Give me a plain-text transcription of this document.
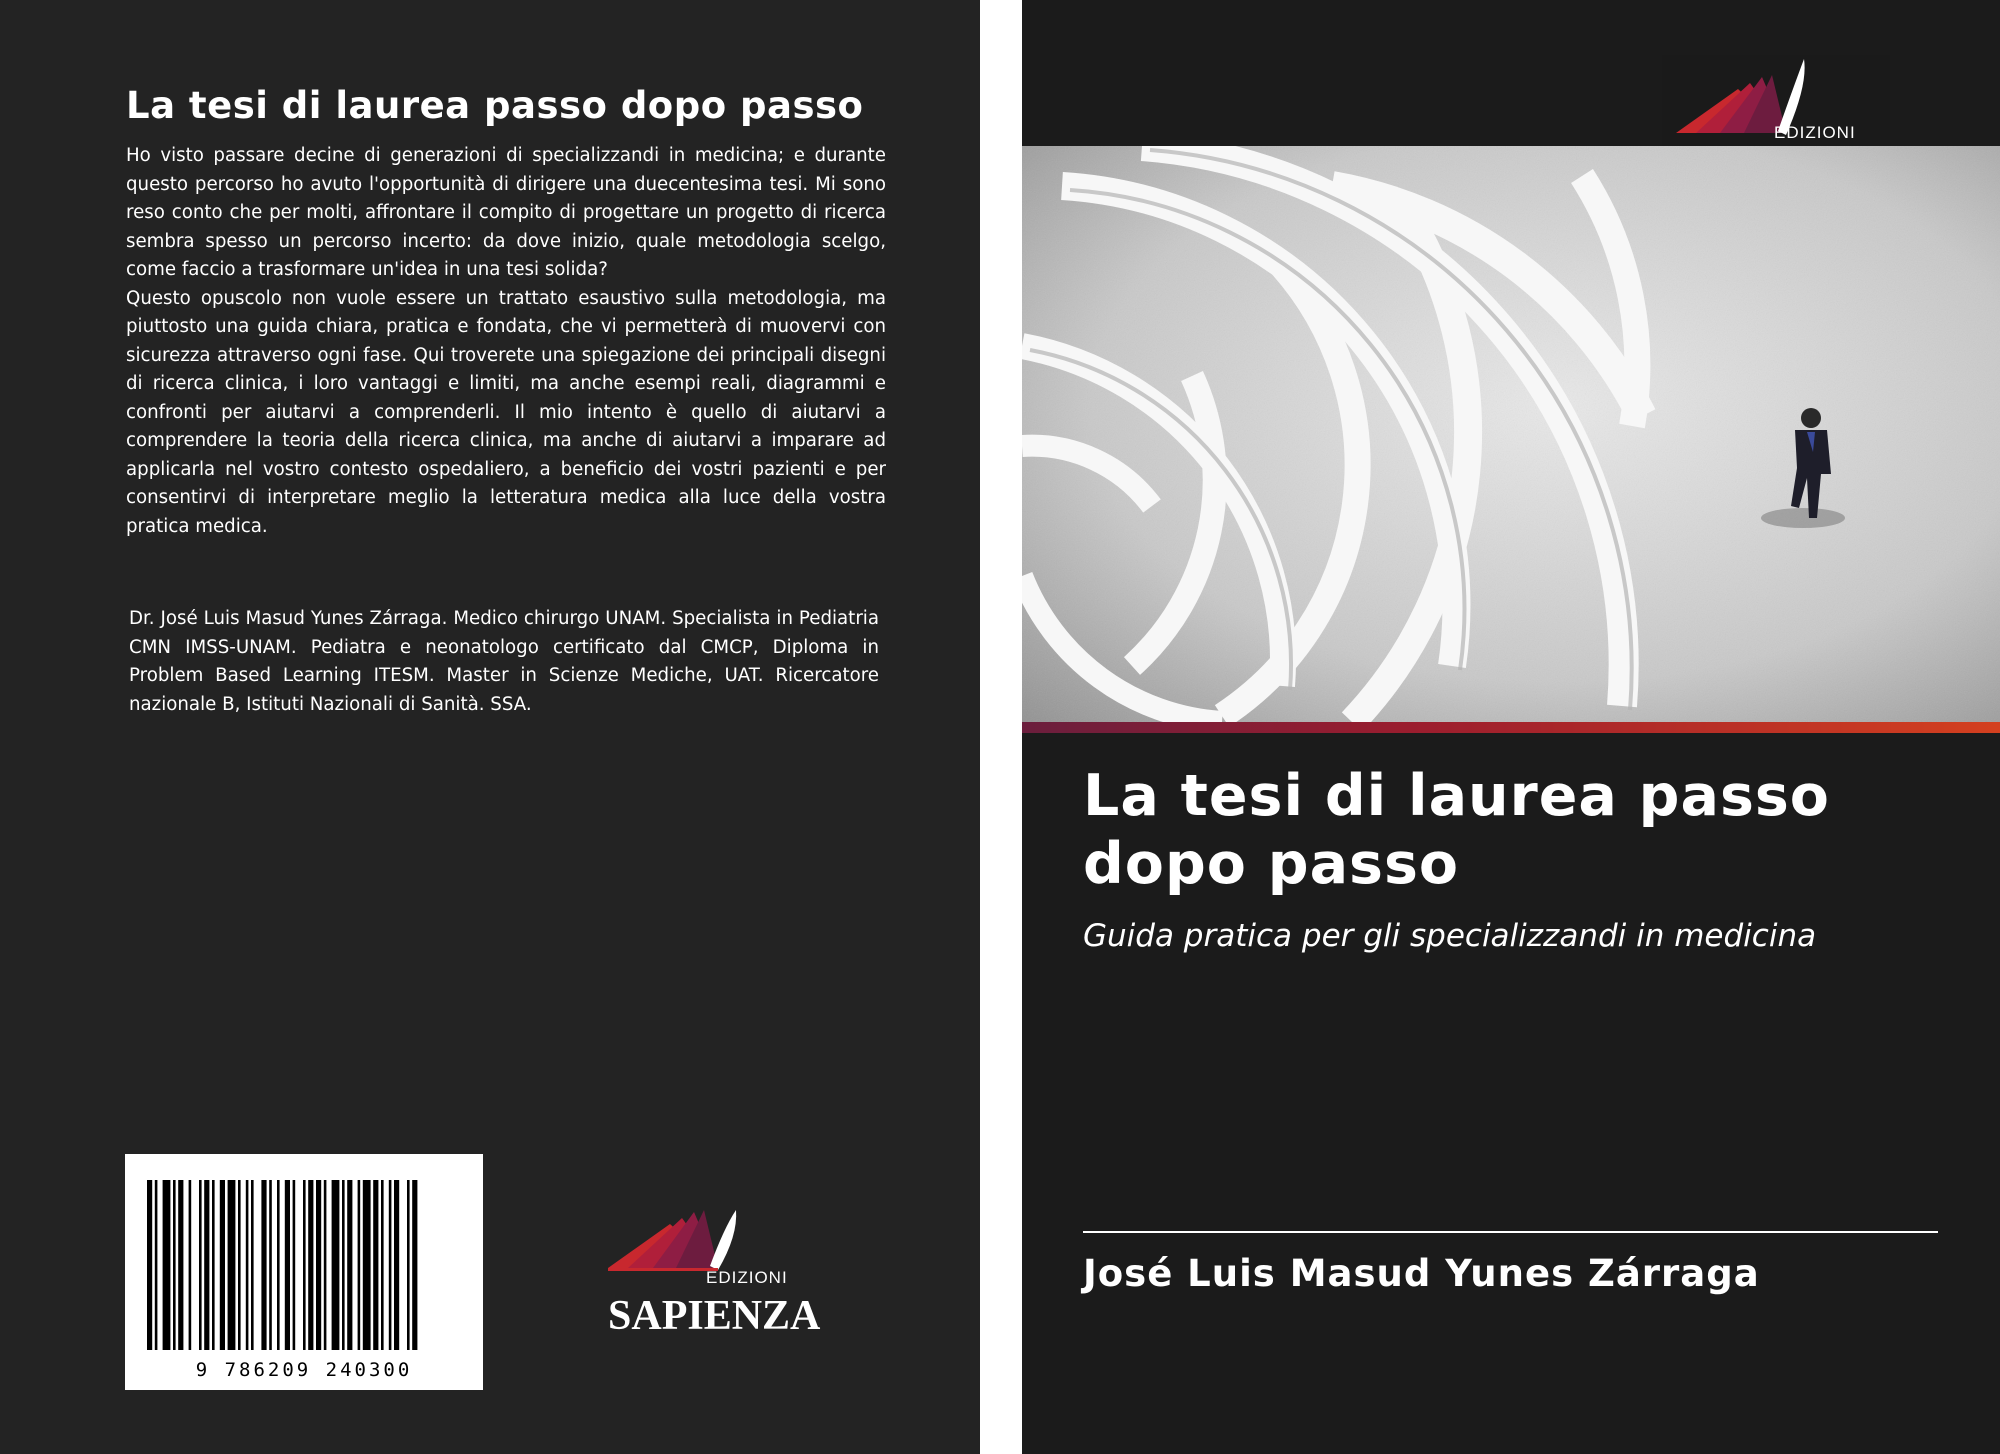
La tesi di laurea passo dopo passo

Ho visto passare decine di generazioni di specializzandi in medicina; e durante questo percorso ho avuto l'opportunità di dirigere una duecentesima tesi. Mi sono reso conto che per molti, affrontare il compito di progettare un progetto di ricerca sembra spesso un percorso incerto: da dove inizio, quale metodologia scelgo, come faccio a trasformare un'idea in una tesi solida?

Questo opuscolo non vuole essere un trattato esaustivo sulla metodologia, ma piuttosto una guida chiara, pratica e fondata, che vi permetterà di muovervi con sicurezza attraverso ogni fase. Qui troverete una spiegazione dei principali disegni di ricerca clinica, i loro vantaggi e limiti, ma anche esempi reali, diagrammi e confronti per aiutarvi a comprenderli. Il mio intento è quello di aiutarvi a comprendere la teoria della ricerca clinica, ma anche di aiutarvi a imparare ad applicarla nel vostro contesto ospedaliero, a beneficio dei vostri pazienti e per consentirvi di interpretare meglio la letteratura medica alla luce della vostra pratica medica.

Dr. José Luis Masud Yunes Zárraga. Medico chirurgo UNAM. Specialista in Pediatria CMN IMSS-UNAM. Pediatra e neonatologo certificato dal CMCP, Diploma in Problem Based Learning ITESM. Master in Scienze Mediche, UAT. Ricercatore nazionale B, Istituti Nazionali di Sanità. SSA.
9 786209 240300
EDIZIONI
SAPIENZA
EDIZIONI
La tesi di laurea passo dopo passo
Guida pratica per gli specializzandi in medicina
José Luis Masud Yunes Zárraga
